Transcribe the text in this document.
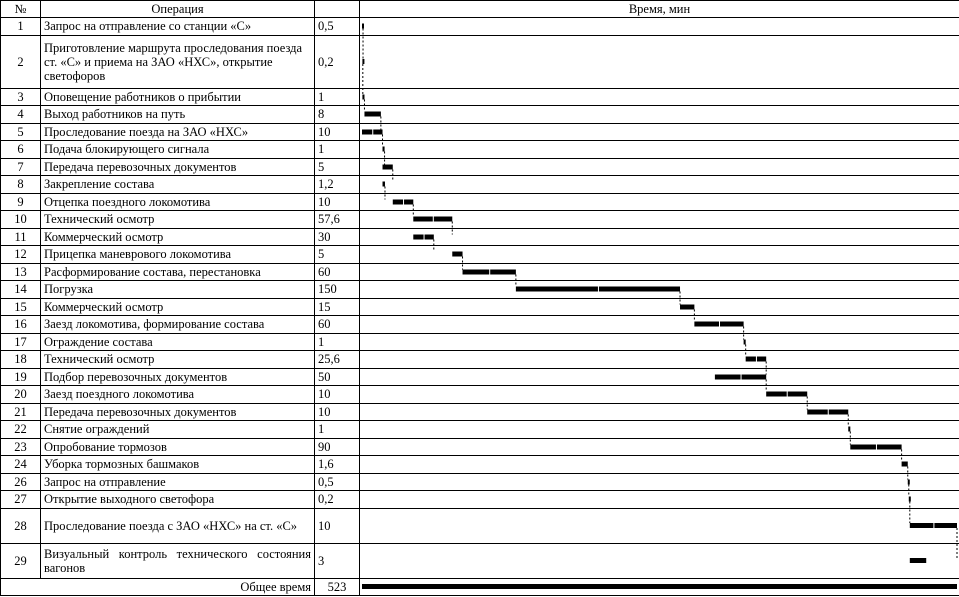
№	Операция		Время, мин
1	Запрос на отправление со станции «С»	0,5	
2	Приготовление маршрута проследования поезда ст. «С» и приема на ЗАО «НХС», открытие светофоров	0,2	
3	Оповещение работников о прибытии	1	
4	Выход работников на путь	8	
5	Проследование поезда на ЗАО «НХС»	10	
6	Подача блокирующего сигнала	1	
7	Передача перевозочных документов	5	
8	Закрепление состава	1,2	
9	Отцепка поездного локомотива	10	
10	Технический осмотр	57,6	
11	Коммерческий осмотр	30	
12	Прицепка маневрового локомотива	5	
13	Расформирование состава, перестановка	60	
14	Погрузка	150	
15	Коммерческий осмотр	15	
16	Заезд локомотива, формирование состава	60	
17	Ограждение состава	1	
18	Технический осмотр	25,6	
19	Подбор перевозочных документов	50	
20	Заезд поездного локомотива	10	
21	Передача перевозочных документов	10	
22	Снятие ограждений	1	
23	Опробование тормозов	90	
24	Уборка тормозных башмаков	1,6	
26	Запрос на отправление	0,5	
27	Открытие выходного светофора	0,2	
28	Проследование поезда с ЗАО «НХС» на ст. «С»	10	
29	Визуальный контроль технического состояния вагонов	3	
Общее время		523	
